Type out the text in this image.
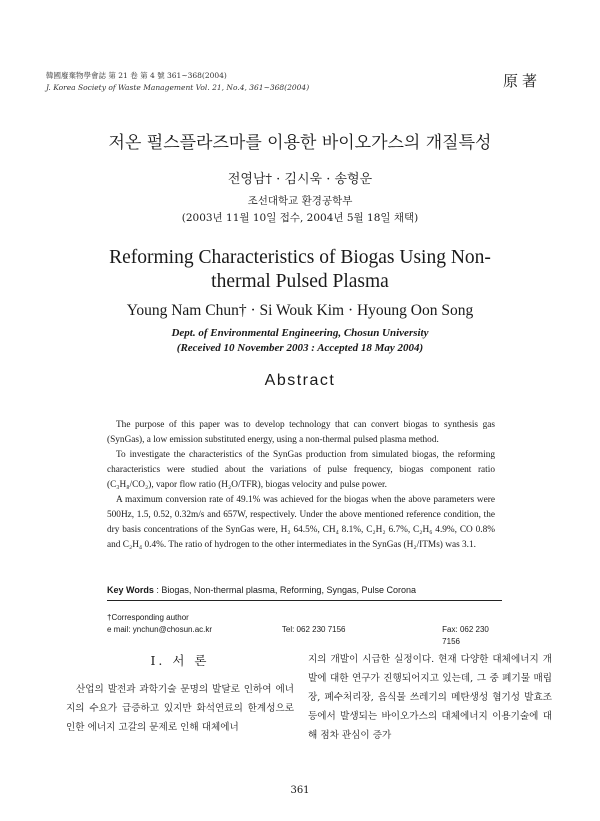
韓國廢棄物學會誌 第 21 卷 第 4 號 361~368(2004)
J. Korea Society of Waste Management Vol. 21, No.4, 361~368(2004)	原著
저온 펄스플라즈마를 이용한 바이오가스의 개질특성
전영남† · 김시욱 · 송형운
조선대학교 환경공학부
(2003년 11월 10일 접수, 2004년 5월 18일 채택)
Reforming Characteristics of Biogas Using Non-thermal Pulsed Plasma
Young Nam Chun† · Si Wouk Kim · Hyoung Oon Song
Dept. of Environmental Engineering, Chosun University
(Received 10 November 2003 : Accepted 18 May 2004)
Abstract

The purpose of this paper was to develop technology that can convert biogas to synthesis gas (SynGas), a low emission substituted energy, using a non-thermal pulsed plasma method.

To investigate the characteristics of the SynGas production from simulated biogas, the reforming characteristics were studied about the variations of pulse frequency, biogas component ratio (C₃H₈/CO₂), vapor flow ratio (H₂O/TFR), biogas velocity and pulse power.

A maximum conversion rate of 49.1% was achieved for the biogas when the above parameters were 500Hz, 1.5, 0.52, 0.32m/s and 657W, respectively. Under the above mentioned reference condition, the dry basis concentrations of the SynGas were, H₂ 64.5%, CH₄ 8.1%, C₂H₂ 6.7%, C₂H₆ 4.9%, CO 0.8% and C₂H₄ 0.4%. The ratio of hydrogen to the other intermediates in the SynGas (H₂/ITMs) was 3.1.

Key Words : Biogas, Non-thermal plasma, Reforming, Syngas, Pulse Corona
†Corresponding author
e mail: ynchun@chosun.ac.kr	Tel: 062 230 7156	Fax: 062 230 7156
Ⅰ. 서 론

산업의 발전과 과학기술 문명의 발달로 인하여 에너지의 수요가 급증하고 있지만 화석연료의 한계성으로 인한 에너지 고갈의 문제로 인해 대체에너

지의 개발이 시급한 실정이다. 현재 다양한 대체에너지 개발에 대한 연구가 진행되어지고 있는데, 그 중 폐기물 매립장, 폐수처리장, 음식물 쓰레기의 메탄생성 혐기성 발효조 등에서 발생되는 바이오가스의 대체에너지 이용기술에 대해 점차 관심이 증가

361
